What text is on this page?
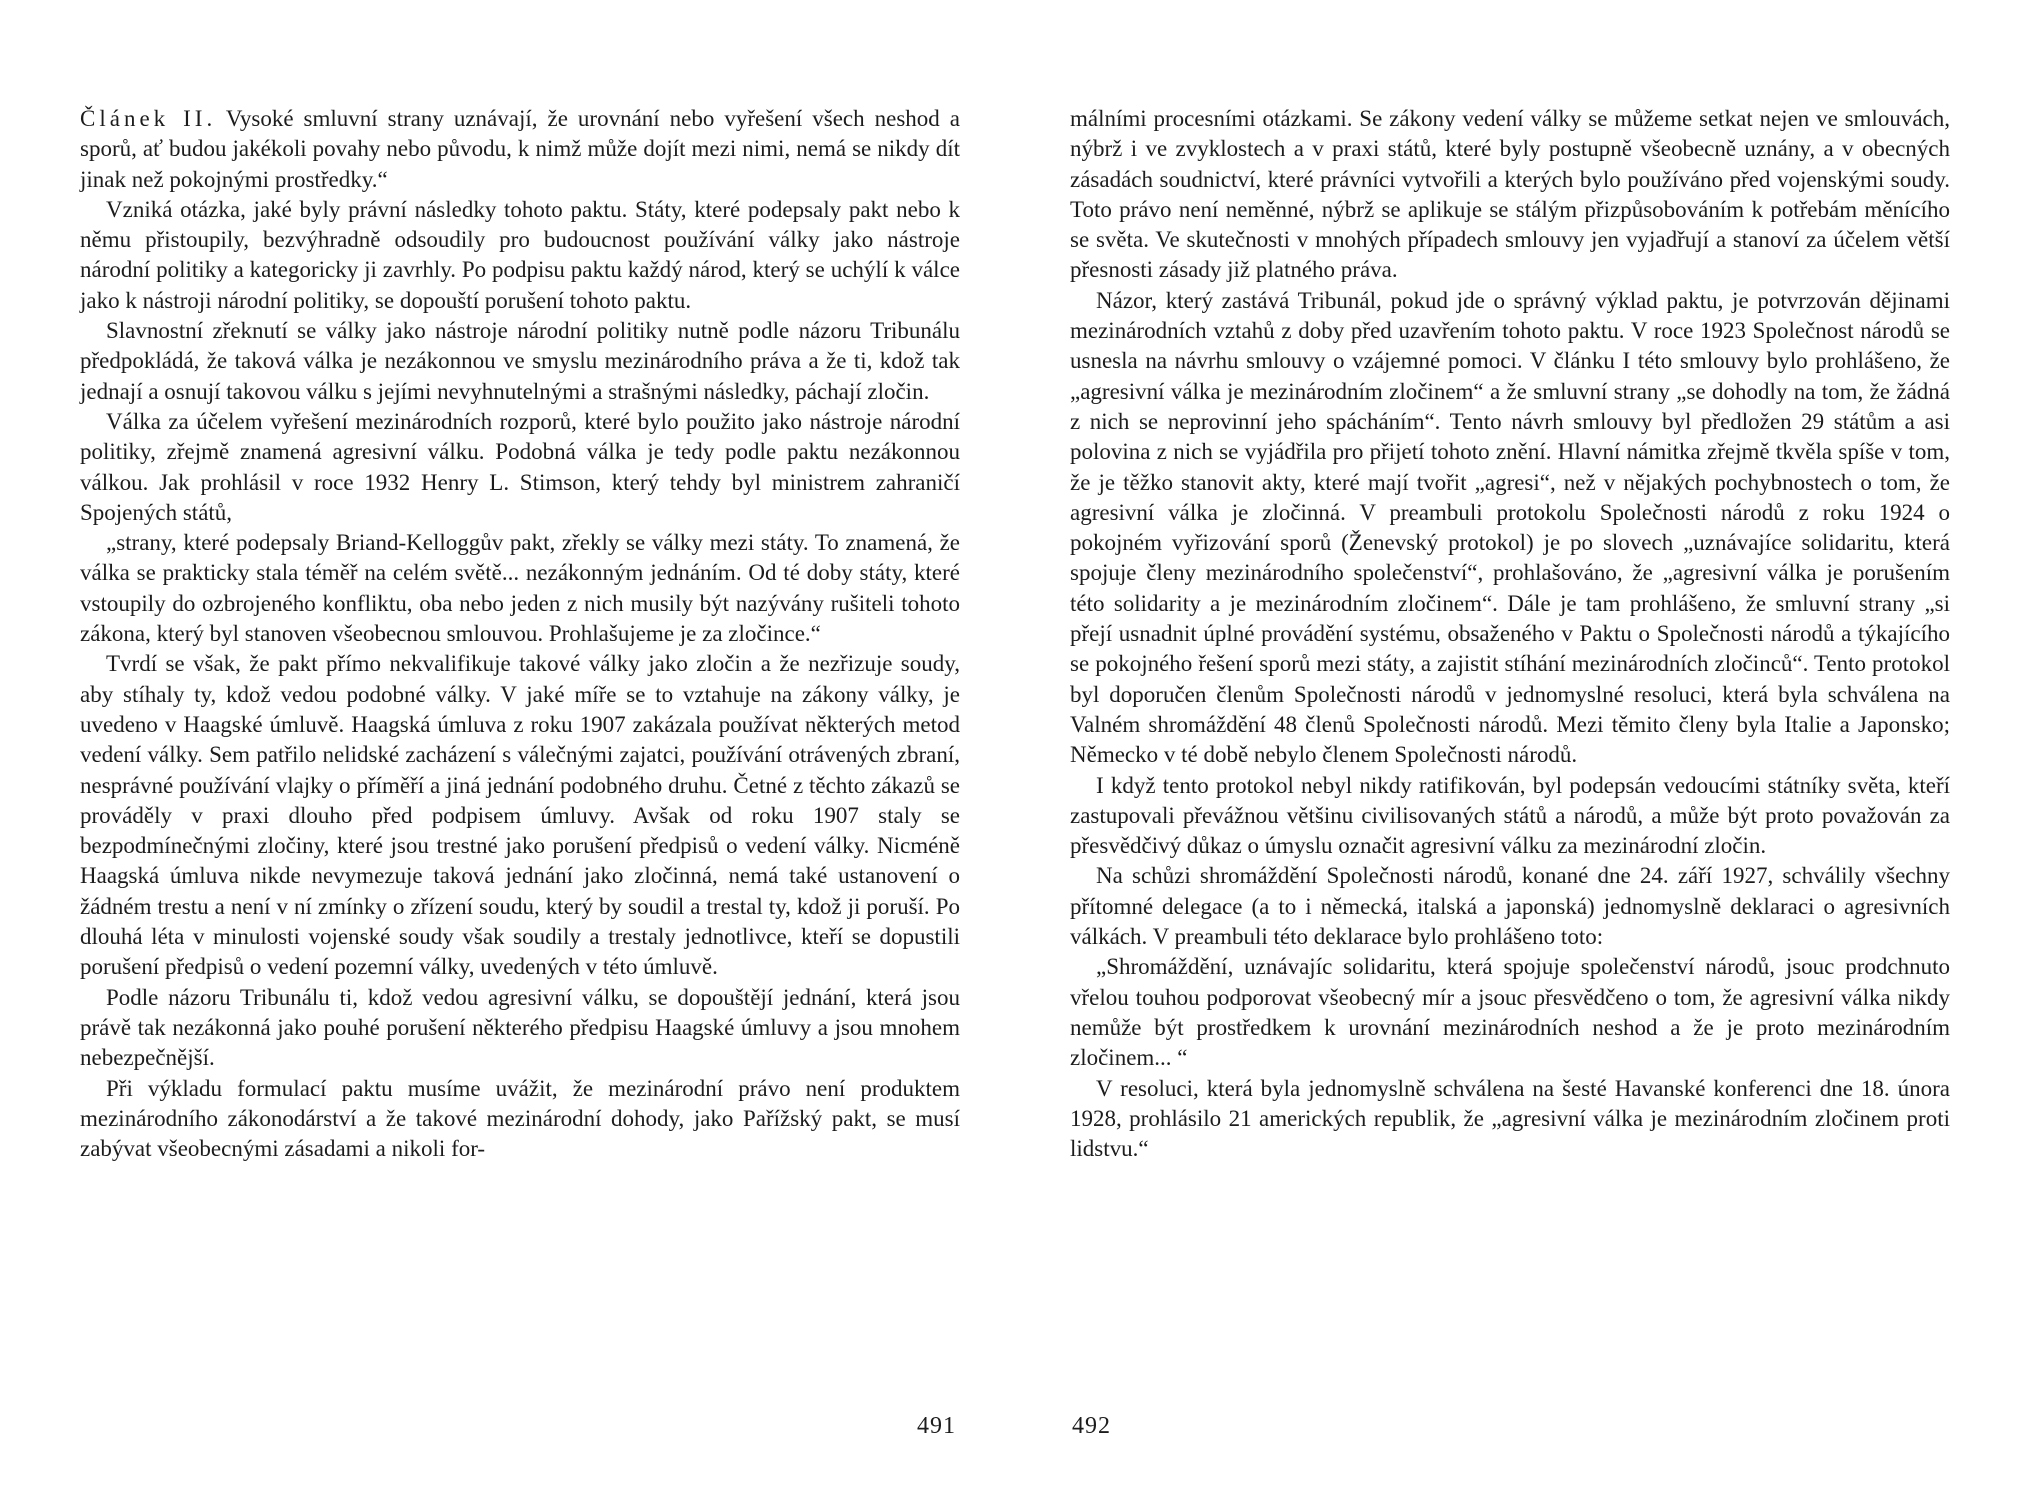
Článek II. Vysoké smluvní strany uznávají, že urovnání nebo vyřešení všech neshod a sporů, ať budou jakékoli povahy nebo původu, k nimž může dojít mezi nimi, nemá se nikdy dít jinak než pokojnými prostředky.“

Vzniká otázka, jaké byly právní následky tohoto paktu. Státy, které podepsaly pakt nebo k němu přistoupily, bezvýhradně odsoudily pro budoucnost používání války jako nástroje národní politiky a kategoricky ji zavrhly. Po podpisu paktu každý národ, který se uchýlí k válce jako k nástroji národní politiky, se dopouští porušení tohoto paktu.

Slavnostní zřeknutí se války jako nástroje národní politiky nutně podle názoru Tribunálu předpokládá, že taková válka je nezákonnou ve smyslu mezinárodního práva a že ti, kdož tak jednají a osnují takovou válku s jejími nevyhnutelnými a strašnými následky, páchají zločin.

Válka za účelem vyřešení mezinárodních rozporů, které bylo použito jako nástroje národní politiky, zřejmě znamená agresivní válku. Podobná válka je tedy podle paktu nezákonnou válkou. Jak prohlásil v roce 1932 Henry L. Stimson, který tehdy byl ministrem zahraničí Spojených států,

„strany, které podepsaly Briand-Kelloggův pakt, zřekly se války mezi státy. To znamená, že válka se prakticky stala téměř na celém světě... nezákonným jednáním. Od té doby státy, které vstoupily do ozbrojeného konfliktu, oba nebo jeden z nich musily být nazývány rušiteli tohoto zákona, který byl stanoven všeobecnou smlouvou. Prohlašujeme je za zločince.“

Tvrdí se však, že pakt přímo nekvalifikuje takové války jako zločin a že nezřizuje soudy, aby stíhaly ty, kdož vedou podobné války. V jaké míře se to vztahuje na zákony války, je uvedeno v Haagské úmluvě. Haagská úmluva z roku 1907 zakázala používat některých metod vedení války. Sem patřilo nelidské zacházení s válečnými zajatci, používání otrávených zbraní, nesprávné používání vlajky o příměří a jiná jednání podobného druhu. Četné z těchto zákazů se prováděly v praxi dlouho před podpisem úmluvy. Avšak od roku 1907 staly se bezpodmínečnými zločiny, které jsou trestné jako porušení předpisů o vedení války. Nicméně Haagská úmluva nikde nevymezuje taková jednání jako zločinná, nemá také ustanovení o žádném trestu a není v ní zmínky o zřízení soudu, který by soudil a trestal ty, kdož ji poruší. Po dlouhá léta v minulosti vojenské soudy však soudily a trestaly jednotlivce, kteří se dopustili porušení předpisů o vedení pozemní války, uvedených v této úmluvě.

Podle názoru Tribunálu ti, kdož vedou agresivní válku, se dopouštějí jednání, která jsou právě tak nezákonná jako pouhé porušení některého předpisu Haagské úmluvy a jsou mnohem nebezpečnější.

Při výkladu formulací paktu musíme uvážit, že mezinárodní právo není produktem mezinárodního zákonodárství a že takové mezinárodní dohody, jako Pařížský pakt, se musí zabývat všeobecnými zásadami a nikoli for-

491

málními procesními otázkami. Se zákony vedení války se můžeme setkat nejen ve smlouvách, nýbrž i ve zvyklostech a v praxi států, které byly postupně všeobecně uznány, a v obecných zásadách soudnictví, které právníci vytvořili a kterých bylo používáno před vojenskými soudy. Toto právo není neměnné, nýbrž se aplikuje se stálým přizpůsobováním k potřebám měnícího se světa. Ve skutečnosti v mnohých případech smlouvy jen vyjadřují a stanoví za účelem větší přesnosti zásady již platného práva.

Názor, který zastává Tribunál, pokud jde o správný výklad paktu, je potvrzován dějinami mezinárodních vztahů z doby před uzavřením tohoto paktu. V roce 1923 Společnost národů se usnesla na návrhu smlouvy o vzájemné pomoci. V článku I této smlouvy bylo prohlášeno, že „agresivní válka je mezinárodním zločinem“ a že smluvní strany „se dohodly na tom, že žádná z nich se neprovinní jeho spácháním“. Tento návrh smlouvy byl předložen 29 státům a asi polovina z nich se vyjádřila pro přijetí tohoto znění. Hlavní námitka zřejmě tkvěla spíše v tom, že je těžko stanovit akty, které mají tvořit „agresi“, než v nějakých pochybnostech o tom, že agresivní válka je zločinná. V preambuli protokolu Společnosti národů z roku 1924 o pokojném vyřizování sporů (Ženevský protokol) je po slovech „uznávajíce solidaritu, která spojuje členy mezinárodního společenství“, prohlašováno, že „agresivní válka je porušením této solidarity a je mezinárodním zločinem“. Dále je tam prohlášeno, že smluvní strany „si přejí usnadnit úplné provádění systému, obsaženého v Paktu o Společnosti národů a týkajícího se pokojného řešení sporů mezi státy, a zajistit stíhání mezinárodních zločinců“. Tento protokol byl doporučen členům Společnosti národů v jednomyslné resoluci, která byla schválena na Valném shromáždění 48 členů Společnosti národů. Mezi těmito členy byla Italie a Japonsko; Německo v té době nebylo členem Společnosti národů.

I když tento protokol nebyl nikdy ratifikován, byl podepsán vedoucími státníky světa, kteří zastupovali převážnou většinu civilisovaných států a národů, a může být proto považován za přesvědčivý důkaz o úmyslu označit agresivní válku za mezinárodní zločin.

Na schůzi shromáždění Společnosti národů, konané dne 24. září 1927, schválily všechny přítomné delegace (a to i německá, italská a japonská) jednomyslně deklaraci o agresivních válkách. V preambuli této deklarace bylo prohlášeno toto:

„Shromáždění, uznávajíc solidaritu, která spojuje společenství národů, jsouc prodchnuto vřelou touhou podporovat všeobecný mír a jsouc přesvědčeno o tom, že agresivní válka nikdy nemůže být prostředkem k urovnání mezinárodních neshod a že je proto mezinárodním zločinem... “

V resoluci, která byla jednomyslně schválena na šesté Havanské konferenci dne 18. února 1928, prohlásilo 21 amerických republik, že „agresivní válka je mezinárodním zločinem proti lidstvu.“

492
